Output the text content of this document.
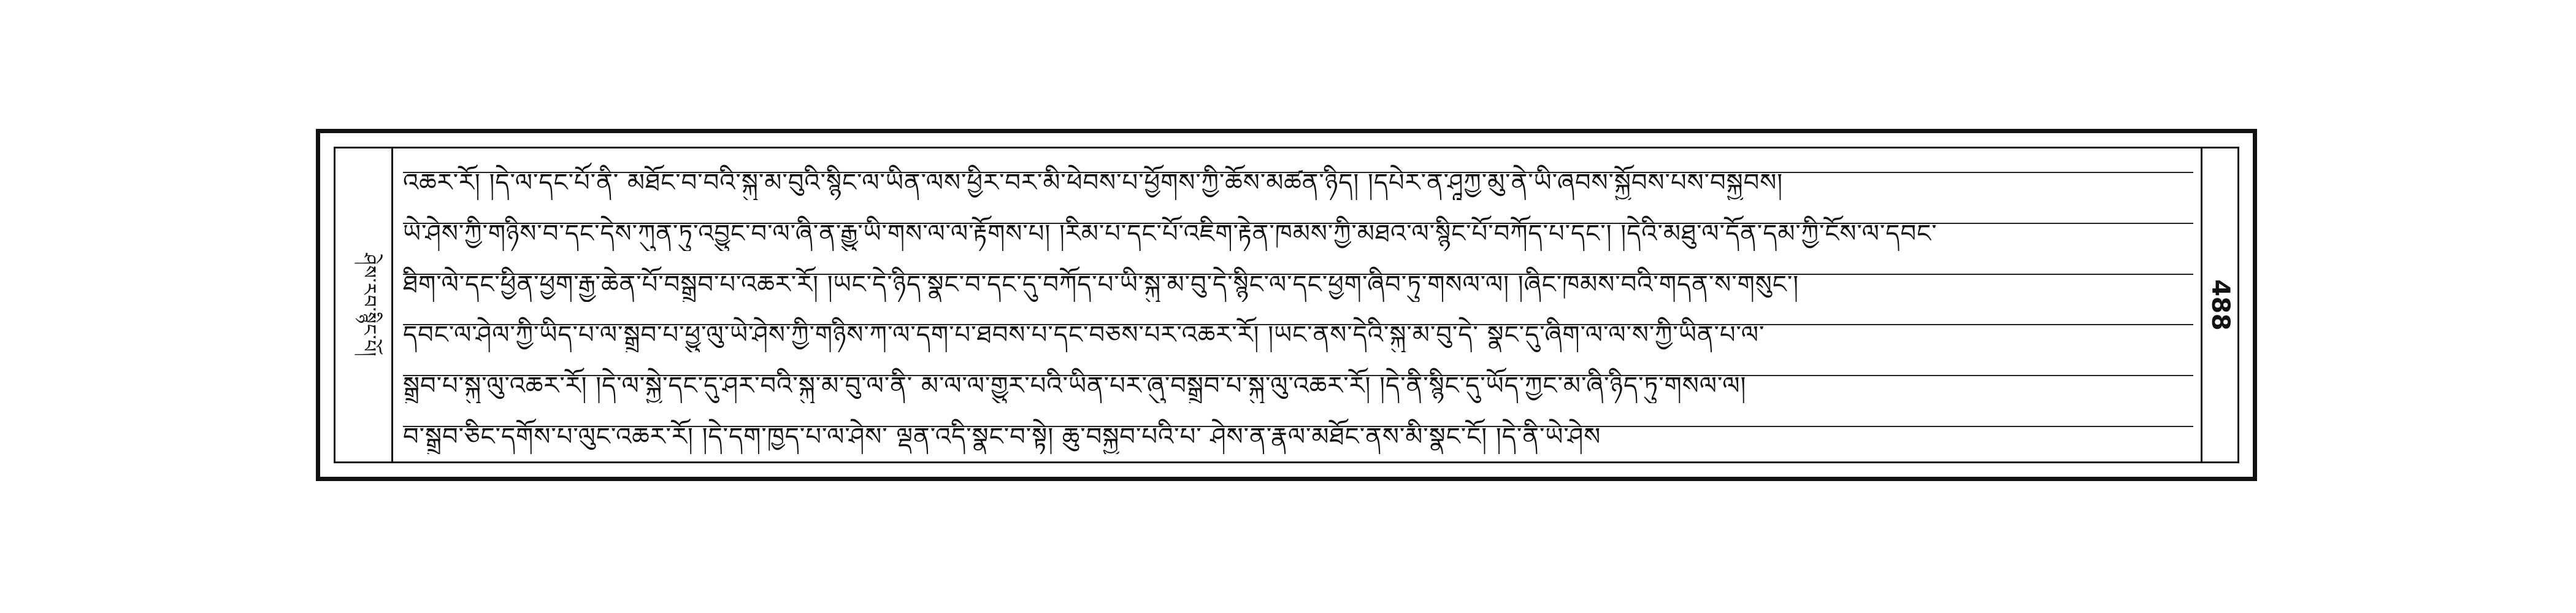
ཤེས་རབ་སྙིང་པོ།
འཆར་རོ། །དེ་ལ་དང་པོ་ནི་ མཐོང་བ་བའི་སྐུ་མ་བུའི་སྙིང་ལ་ཡིན་ལས་ཕྱིར་བར་མི་ཕེབས་པ་ཕྱོགས་ཀྱི་ཆོས་མཚན་ཉིད། །དཔེར་ན་ཤཱཀྱ་མུ་ནེ་ཡི་ཞབས་སྐྱོབས་པས་བསྐྱབས།
ཡེ་ཤེས་ཀྱི་གཉིས་བ་དང་དེས་ཀུན་ཏུ་འབྱུང་བ་ལ་ཞི་ན་རྒྱུ་ཡི་གས་ལ་ལ་རྟོགས་པ། །རིམ་པ་དང་པོ་འཇིག་རྟེན་ཁམས་ཀྱི་མཐའ་ལ་སྙིང་པོ་བཀོད་པ་དང་། །དེའི་མཐུ་ལ་དོན་དམ་ཀྱི་ངོས་ལ་དབང་
ཐིག་ལེ་དང་ཕྱིན་ཕྱག་རྒྱ་ཆེན་པོ་བསྒྲུབ་པ་འཆར་རོ། །ཡང་དེ་ཉིད་སྣང་བ་དང་དུ་བཀོད་པ་ཡི་སྐུ་མ་བུ་དེ་སྙིང་ལ་དང་ཕྱག་ཞིབ་ཏུ་གསལ་ལ། །ཞིང་ཁམས་བའི་གདན་ས་གསུང་།
དབང་ལ་ཤེལ་ཀྱི་ཡིད་པ་ལ་སྒྲུབ་པ་ཕྱུ་ལུ་ཡེ་ཤེས་ཀྱི་གཉིས་ཀ་ལ་དག་པ་ཐབས་པ་དང་བཅས་པར་འཆར་རོ། །ཡང་ནས་དེའི་སྐུ་མ་བུ་དེ་ སྣང་དུ་ཞིག་ལ་ལ་ས་ཀྱི་ཡིན་པ་ལ་
སྒྲུབ་པ་སྐུ་ལུ་འཆར་རོ། །དེ་ལ་སྐྱེ་དང་དུ་ཤར་བའི་སྐུ་མ་བུ་ལ་ནི་ མ་ལ་ལ་གྱུར་པའི་ཡིན་པར་ཞུ་བསྒྲུབ་པ་སྐུ་ལུ་འཆར་རོ། །དེ་ནི་སྙིང་དུ་ཡོད་ཀྱང་མ་ཞི་ཉིད་ཏུ་གསལ་ལ།
བ་སྒྲུབ་ཅིང་དགོས་པ་ལུང་འཆར་རོ། །དེ་དག་ཁྱད་པ་ལ་ཤེས་ ལྡན་འདི་སྣང་བ་སྟེ། ཆུ་བསྐྱབ་པའི་པ་ ཤེས་ན་རྣལ་མཐོང་ནས་མི་སྣང་ངོ། །དེ་ནི་ཡེ་ཤེས
488
